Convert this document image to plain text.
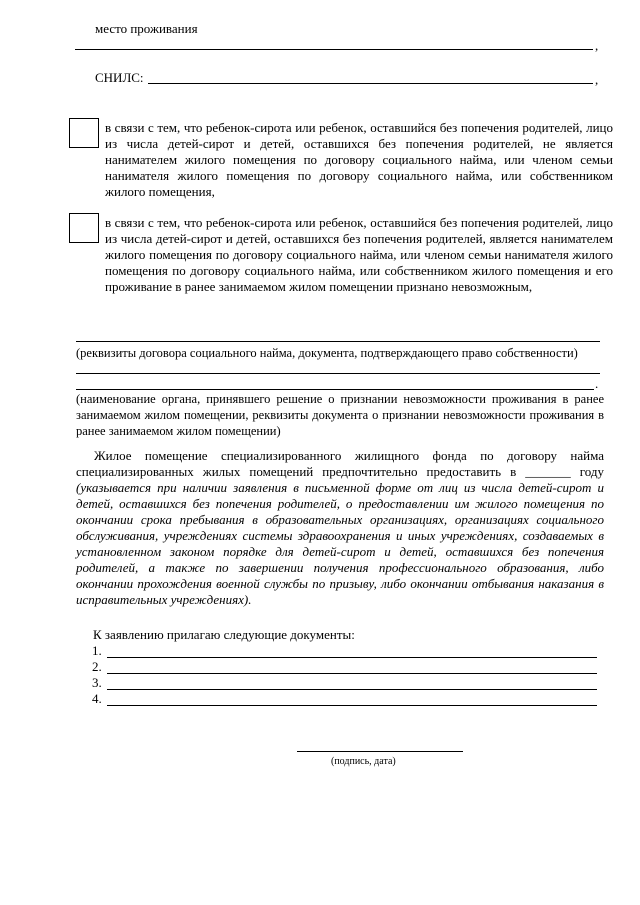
место проживания
,
СНИЛС:	,
в связи с тем, что ребенок-сирота или ребенок, оставшийся без попечения родителей, лицо из числа детей-сирот и детей, оставшихся без попечения родителей, не является нанимателем жилого помещения по договору социального найма, или членом семьи нанимателя жилого помещения по договору социального найма, или собственником жилого помещения,
в связи с тем, что ребенок-сирота или ребенок, оставшийся без попечения родителей, лицо из числа детей-сирот и детей, оставшихся без попечения родителей, является нанимателем жилого помещения по договору социального найма, или членом семьи нанимателя жилого помещения по договору социального найма, или собственником жилого помещения и его проживание в ранее занимаемом жилом помещении признано невозможным,
(реквизиты договора социального найма, документа, подтверждающего право собственности)
.
(наименование органа, принявшего решение о признании невозможности проживания в ранее занимаемом жилом помещении, реквизиты документа о признании невозможности проживания в ранее занимаемом жилом помещении)
Жилое помещение специализированного жилищного фонда по договору найма специализированных жилых помещений предпочтительно предоставить в _______ году (указывается при наличии заявления в письменной форме от лиц из числа детей-сирот и детей, оставшихся без попечения родителей, о предоставлении им жилого помещения по окончании срока пребывания в образовательных организациях, организациях социального обслуживания, учреждениях системы здравоохранения и иных учреждениях, создаваемых в установленном законом порядке для детей-сирот и детей, оставшихся без попечения родителей, а также по завершении получения профессионального образования, либо окончании прохождения военной службы по призыву, либо окончании отбывания наказания в исправительных учреждениях).
К заявлению прилагаю следующие документы:
1.
2.
3.
4.
(подпись, дата)
